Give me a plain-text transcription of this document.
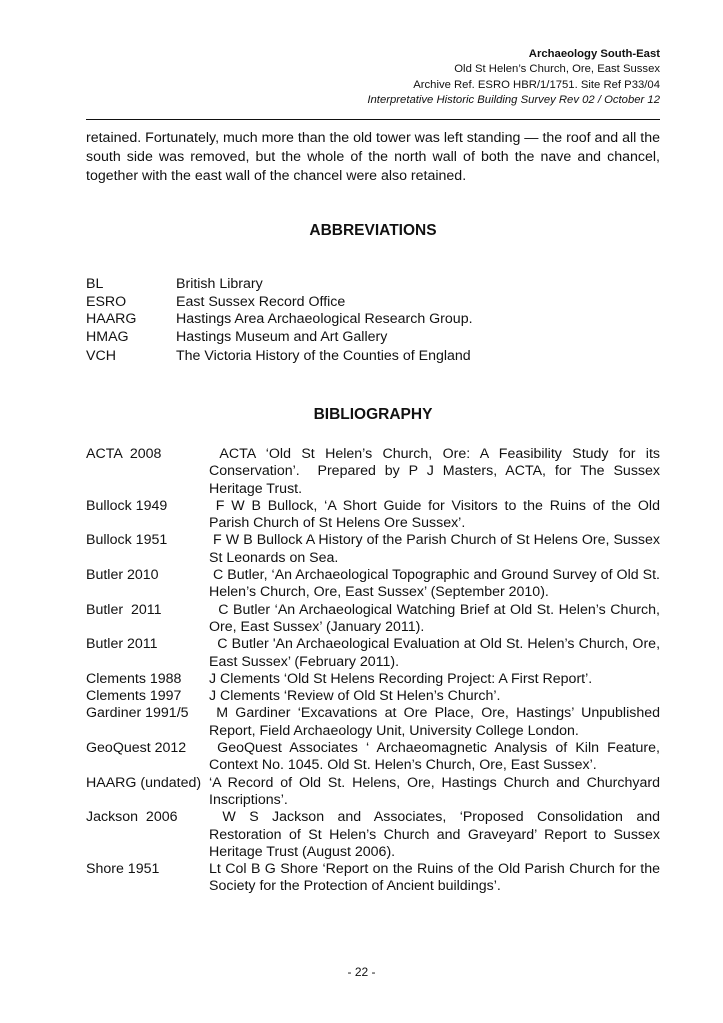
Archaeology South-East
Old St Helen’s Church, Ore, East Sussex
Archive Ref. ESRO HBR/1/1751. Site Ref P33/04
Interpretative Historic Building Survey Rev 02 / October 12
retained. Fortunately, much more than the old tower was left standing — the roof and all the south side was removed, but the whole of the north wall of both the nave and chancel, together with the east wall of the chancel were also retained.
ABBREVIATIONS
BL	British Library
ESRO	East Sussex Record Office
HAARG	Hastings Area Archaeological Research Group.
HMAG	Hastings Museum and Art Gallery
VCH	The Victoria History of the Counties of England
BIBLIOGRAPHY
ACTA  2008	ACTA ‘Old St Helen’s Church, Ore: A Feasibility Study for its Conservation’.  Prepared by P J Masters, ACTA, for The Sussex Heritage Trust.
Bullock 1949	F W B Bullock, ‘A Short Guide for Visitors to the Ruins of the Old Parish Church of St Helens Ore Sussex’.
Bullock 1951	F W B Bullock A History of the Parish Church of St Helens Ore, Sussex St Leonards on Sea.
Butler 2010	C Butler, ‘An Archaeological Topographic and Ground Survey of Old St. Helen’s Church, Ore, East Sussex’ (September 2010).
Butler  2011	C Butler ‘An Archaeological Watching Brief at Old St. Helen’s Church, Ore, East Sussex’ (January 2011).
Butler 2011	C Butler 'An Archaeological Evaluation at Old St. Helen’s Church, Ore, East Sussex’ (February 2011).
Clements 1988	J Clements ‘Old St Helens Recording Project: A First Report’.
Clements 1997	J Clements ‘Review of Old St Helen’s Church’.
Gardiner 1991/5	M Gardiner ‘Excavations at Ore Place, Ore, Hastings’ Unpublished Report, Field Archaeology Unit, University College London.
GeoQuest 2012	GeoQuest Associates ‘ Archaeomagnetic Analysis of Kiln Feature, Context No. 1045. Old St. Helen’s Church, Ore, East Sussex’.
HAARG (undated) ‘A Record of Old St. Helens, Ore, Hastings Church and Churchyard Inscriptions’.
Jackson  2006	W S Jackson and Associates, ‘Proposed Consolidation and Restoration of St Helen’s Church and Graveyard’ Report to Sussex Heritage Trust (August 2006).
Shore 1951	Lt Col B G Shore ‘Report on the Ruins of the Old Parish Church for the Society for the Protection of Ancient buildings’.
- 22 -
